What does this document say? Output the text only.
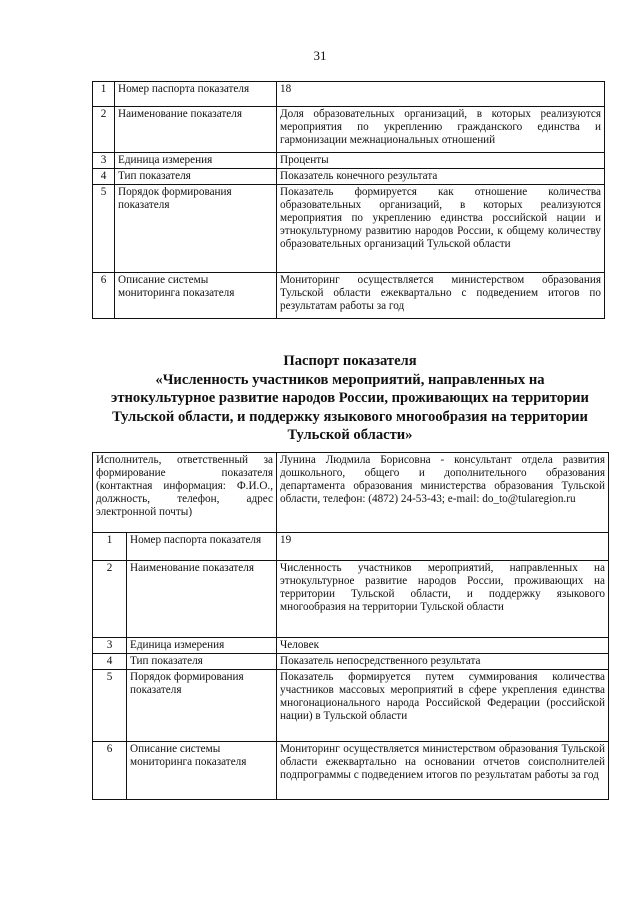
31
1	Номер паспорта показателя	18
2	Наименование показателя	Доля образовательных организаций, в которых реализуются мероприятия по укреплению гражданского единства и гармонизации межнациональных отношений
3	Единица измерения	Проценты
4	Тип показателя	Показатель конечного результата
5	Порядок формирования показателя	Показатель формируется как отношение количества образовательных организаций, в которых реализуются мероприятия по укреплению единства российской нации и этнокультурному развитию народов России, к общему количеству образовательных организаций Тульской области
6	Описание системы мониторинга показателя	Мониторинг осуществляется министерством образования Тульской области ежеквартально с подведением итогов по результатам работы за год
Паспорт показателя
«Численность участников мероприятий, направленных на
этнокультурное развитие народов России, проживающих на территории
Тульской области, и поддержку языкового многообразия на территории
Тульской области»
Исполнитель, ответственный за формирование показателя (контактная информация: Ф.И.О., должность, телефон, адрес электронной почты)		Лунина Людмила Борисовна - консультант отдела развития дошкольного, общего и дополнительного образования департамента образования министерства образования Тульской области, телефон: (4872) 24-53-43; e-mail: do_to@tularegion.ru
1	Номер паспорта показателя	19
2	Наименование показателя	Численность участников мероприятий, направленных на этнокультурное развитие народов России, проживающих на территории Тульской области, и поддержку языкового многообразия на территории Тульской области
3	Единица измерения	Человек
4	Тип показателя	Показатель непосредственного результата
5	Порядок формирования показателя	Показатель формируется путем суммирования количества участников массовых мероприятий в сфере укрепления единства многонационального народа Российской Федерации (российской нации) в Тульской области
6	Описание системы мониторинга показателя	Мониторинг осуществляется министерством образования Тульской области ежеквартально на основании отчетов соисполнителей подпрограммы с подведением итогов по результатам работы за год
